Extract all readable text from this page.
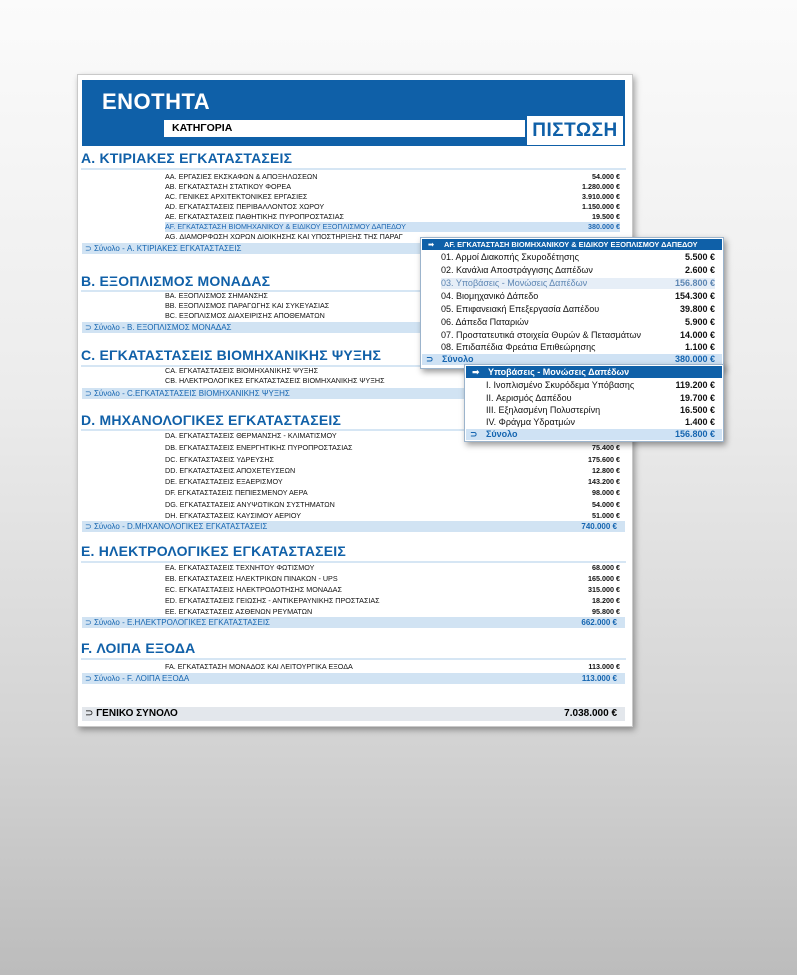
ΕΝΟΤΗΤΑ
ΚΑΤΗΓΟΡΙΑ	ΠΙΣΤΩΣΗ
A. ΚΤΙΡΙΑΚΕΣ ΕΓΚΑΤΑΣΤΑΣΕΙΣ
AA. ΕΡΓΑΣΙΕΣ ΕΚΣΚΑΦΩΝ & ΑΠΟΞΗΛΩΣΕΩΝ	54.000 €
AB. ΕΓΚΑΤΑΣΤΑΣΗ ΣΤΑΤΙΚΟΥ ΦΟΡΕΑ	1.280.000 €
AC. ΓΕΝΙΚΕΣ ΑΡΧΙΤΕΚΤΟΝΙΚΕΣ ΕΡΓΑΣΙΕΣ	3.910.000 €
AD. ΕΓΚΑΤΑΣΤΑΣΕΙΣ ΠΕΡΙΒΑΛΛΟΝΤΟΣ ΧΩΡΟΥ	1.150.000 €
AE. ΕΓΚΑΤΑΣΤΑΣΕΙΣ ΠΑΘΗΤΙΚΗΣ ΠΥΡΟΠΡΟΣΤΑΣΙΑΣ	19.500 €
AF. ΕΓΚΑΤΑΣΤΑΣΗ ΒΙΟΜΗΧΑΝΙΚΟΥ & ΕΙΔΙΚΟΥ ΕΞΟΠΛΙΣΜΟΥ ΔΑΠΕΔΟΥ	380.000 €
AG. ΔΙΑΜΟΡΦΩΣΗ ΧΩΡΩΝ ΔΙΟΙΚΗΣΗΣ ΚΑΙ ΥΠΟΣΤΗΡΙΞΗΣ ΤΗΣ ΠΑΡΑΓ
⊃ Σύνολο - A. ΚΤΙΡΙΑΚΕΣ ΕΓΚΑΤΑΣΤΑΣΕΙΣ
B. ΕΞΟΠΛΙΣΜΟΣ ΜΟΝΑΔΑΣ
BA. ΕΞΟΠΛΙΣΜΟΣ ΣΗΜΑΝΣΗΣ
BB. ΕΞΟΠΛΙΣΜΟΣ ΠΑΡΑΓΩΓΗΣ ΚΑΙ ΣΥΚΕΥΑΣΙΑΣ
BC. ΕΞΟΠΛΙΣΜΟΣ ΔΙΑΧΕΙΡΙΣΗΣ ΑΠΟΘΕΜΑΤΩΝ
⊃ Σύνολο - B. ΕΞΟΠΛΙΣΜΟΣ ΜΟΝΑΔΑΣ
C. ΕΓΚΑΤΑΣΤΑΣΕΙΣ ΒΙΟΜΗΧΑΝΙΚΗΣ ΨΥΞΗΣ
CA. ΕΓΚΑΤΑΣΤΑΣΕΙΣ ΒΙΟΜΗΧΑΝΙΚΗΣ ΨΥΞΗΣ
CB. ΗΛΕΚΤΡΟΛΟΓΙΚΕΣ ΕΓΚΑΤΑΣΤΑΣΕΙΣ ΒΙΟΜΗΧΑΝΙΚΗΣ ΨΥΞΗΣ
⊃ Σύνολο - C.ΕΓΚΑΤΑΣΤΑΣΕΙΣ ΒΙΟΜΗΧΑΝΙΚΗΣ ΨΥΞΗΣ
D. ΜΗΧΑΝΟΛΟΓΙΚΕΣ ΕΓΚΑΤΑΣΤΑΣΕΙΣ
DA. ΕΓΚΑΤΑΣΤΑΣΕΙΣ ΘΕΡΜΑΝΣΗΣ - ΚΛΙΜΑΤΙΣΜΟΥ
DB. ΕΓΚΑΤΑΣΤΑΣΕΙΣ ΕΝΕΡΓΗΤΙΚΗΣ ΠΥΡΟΠΡΟΣΤΑΣΙΑΣ	75.400 €
DC. ΕΓΚΑΤΑΣΤΑΣΕΙΣ ΥΔΡΕΥΣΗΣ	175.600 €
DD. ΕΓΚΑΤΑΣΤΑΣΕΙΣ ΑΠΟΧΕΤΕΥΣΕΩΝ	12.800 €
DE. ΕΓΚΑΤΑΣΤΑΣΕΙΣ ΕΞΑΕΡΙΣΜΟΥ	143.200 €
DF. ΕΓΚΑΤΑΣΤΑΣΕΙΣ ΠΕΠΙΕΣΜΕΝΟΥ ΑΕΡΑ	98.000 €
DG. ΕΓΚΑΤΑΣΤΑΣΕΙΣ ΑΝΥΨΩΤΙΚΩΝ ΣΥΣΤΗΜΑΤΩΝ	54.000 €
DH. ΕΓΚΑΤΑΣΤΑΣΕΙΣ ΚΑΥΣΙΜΟΥ ΑΕΡΙΟΥ	51.000 €
⊃ Σύνολο - D.ΜΗΧΑΝΟΛΟΓΙΚΕΣ ΕΓΚΑΤΑΣΤΑΣΕΙΣ	740.000 €
E. ΗΛΕΚΤΡΟΛΟΓΙΚΕΣ ΕΓΚΑΤΑΣΤΑΣΕΙΣ
EA. ΕΓΚΑΤΑΣΤΑΣΕΙΣ ΤΕΧΝΗΤΟΥ ΦΩΤΙΣΜΟΥ	68.000 €
EB. ΕΓΚΑΤΑΣΤΑΣΕΙΣ ΗΛΕΚΤΡΙΚΩΝ ΠΙΝΑΚΩΝ - UPS	165.000 €
EC. ΕΓΚΑΤΑΣΤΑΣΕΙΣ ΗΛΕΚΤΡΟΔΟΤΗΣΗΣ ΜΟΝΑΔΑΣ	315.000 €
ED. ΕΓΚΑΤΑΣΤΑΣΕΙΣ ΓΕΙΩΣΗΣ - ΑΝΤΙΚΕΡΑΥΝΙΚΗΣ ΠΡΟΣΤΑΣΙΑΣ	18.200 €
EE. ΕΓΚΑΤΑΣΤΑΣΕΙΣ ΑΣΘΕΝΩΝ ΡΕΥΜΑΤΩΝ	95.800 €
⊃ Σύνολο - E.ΗΛΕΚΤΡΟΛΟΓΙΚΕΣ ΕΓΚΑΤΑΣΤΑΣΕΙΣ	662.000 €
F. ΛΟΙΠΑ ΕΞΟΔΑ
FA. ΕΓΚΑΤΑΣΤΑΣΗ ΜΟΝΑΔΟΣ ΚΑΙ ΛΕΙΤΟΥΡΓΙΚΑ ΕΞΟΔΑ	113.000 €
⊃ Σύνολο - F. ΛΟΙΠΑ ΕΞΟΔΑ	113.000 €
⊃ ΓΕΝΙΚΟ ΣΥΝΟΛΟ	7.038.000 €
➡ AF. ΕΓΚΑΤΑΣΤΑΣΗ ΒΙΟΜΗΧΑΝΙΚΟΥ & ΕΙΔΙΚΟΥ ΕΞΟΠΛΙΣΜΟΥ ΔΑΠΕΔΟΥ
01. Αρμοί Διακοπής Σκυροδέτησης	5.500 €
02. Κανάλια Αποστράγγισης Δαπέδων	2.600 €
03. Υποβάσεις - Μονώσεις Δαπέδων	156.800 €
04. Βιομηχανικό Δάπεδο	154.300 €
05. Επιφανειακή Επεξεργασία Δαπέδου	39.800 €
06. Δάπεδα Παταριών	5.900 €
07. Προστατευτικά στοιχεία Θυρών & Πετασμάτων	14.000 €
08. Επιδαπέδια Φρεάτια Επιθεώρησης	1.100 €
⊃ Σύνολο	380.000 €
➡ Υποβάσεις - Μονώσεις Δαπέδων
I. Ινοπλισμένο Σκυρόδεμα Υπόβασης	119.200 €
II. Αερισμός Δαπέδου	19.700 €
III. Εξηλασμένη Πολυστερίνη	16.500 €
IV. Φράγμα Υδρατμών	1.400 €
⊃ Σύνολο	156.800 €
